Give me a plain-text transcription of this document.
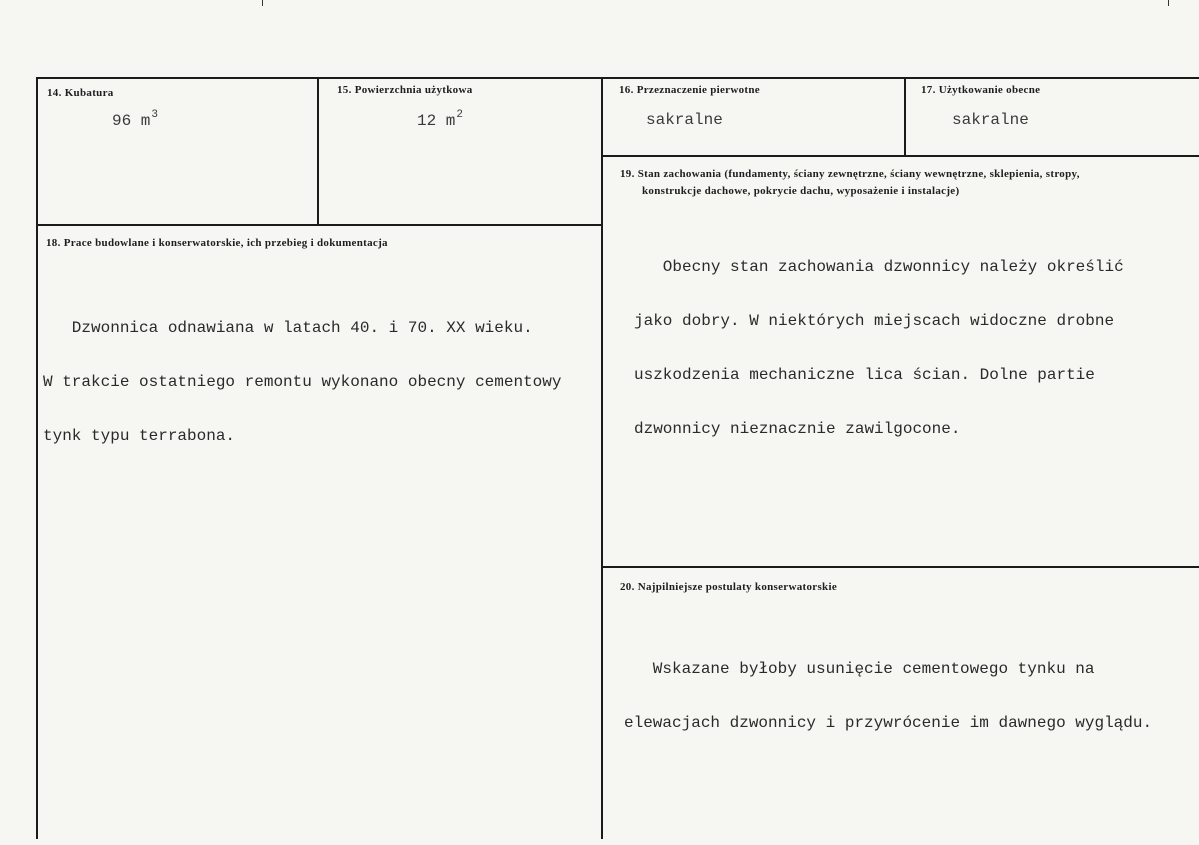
14. Kubatura
96 $m^3$
15. Powierzchnia użytkowa
12 $m^2$
16. Przeznaczenie pierwotne
sakralne
17. Użytkowanie obecne
sakralne
18. Prace budowlane i konserwatorskie, ich przebieg i dokumentacja

Dzwonnica odnawiana w latach 40. i 70. XX wieku.

W trakcie ostatniego remontu wykonano obecny cementowy

tynk typu terrabona.

19. Stan zachowania (fundamenty, ściany zewnętrzne, ściany wewnętrzne, sklepienia, stropy,
konstrukcje dachowe, pokrycie dachu, wyposażenie i instalacje)

Obecny stan zachowania dzwonnicy należy określić

jako dobry. W niektórych miejscach widoczne drobne

uszkodzenia mechaniczne lica ścian. Dolne partie

dzwonnicy nieznacznie zawilgocone.

20. Najpilniejsze postulaty konserwatorskie

Wskazane byłoby usunięcie cementowego tynku na

elewacjach dzwonnicy i przywrócenie im dawnego wyglądu.
